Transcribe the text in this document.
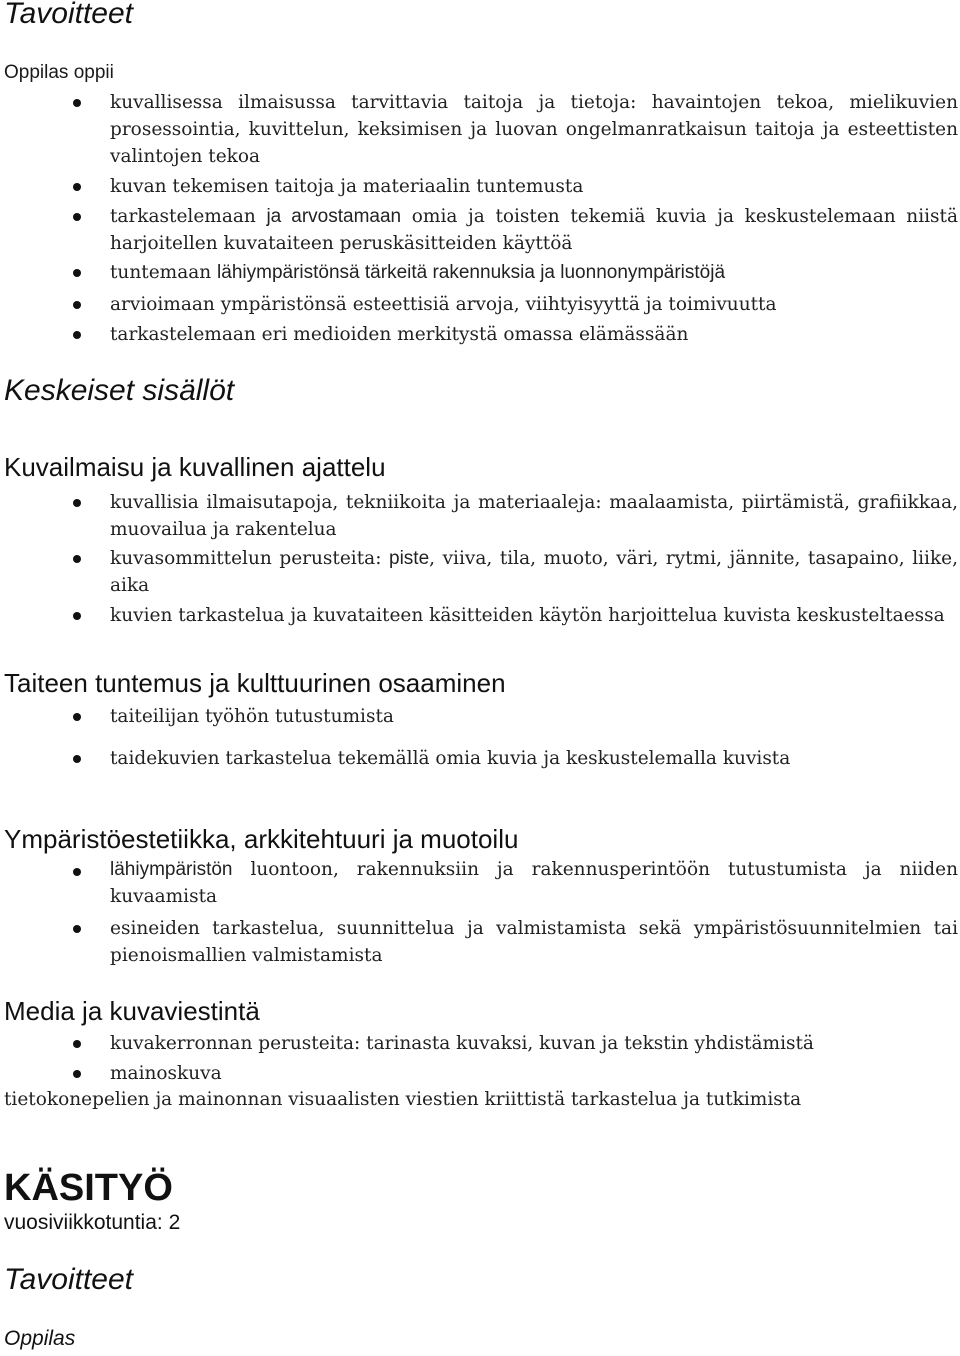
Tavoitteet
Oppilas oppii
kuvallisessa ilmaisussa tarvittavia taitoja ja tietoja: havaintojen tekoa, mielikuvien prosessointia, kuvittelun, keksimisen ja luovan ongelmanratkaisun taitoja ja esteettisten valintojen tekoa
kuvan tekemisen taitoja ja materiaalin tuntemusta
tarkastelemaan ja arvostamaan omia ja toisten tekemiä kuvia ja keskustelemaan niistä harjoitellen kuvataiteen peruskäsitteiden käyttöä
tuntemaan lähiympäristönsä tärkeitä rakennuksia ja luonnonympäristöjä
arvioimaan ympäristönsä esteettisiä arvoja, viihtyisyyttä ja toimivuutta
tarkastelemaan eri medioiden merkitystä omassa elämässään
Keskeiset sisällöt
Kuvailmaisu ja kuvallinen ajattelu
kuvallisia ilmaisutapoja, tekniikoita ja materiaaleja: maalaamista, piirtämistä, grafiikkaa, muovailua ja rakentelua
kuvasommittelun perusteita: piste, viiva, tila, muoto, väri, rytmi, jännite, tasapaino, liike, aika
kuvien tarkastelua ja kuvataiteen käsitteiden käytön harjoittelua kuvista keskusteltaessa
Taiteen tuntemus ja kulttuurinen osaaminen
taiteilijan työhön tutustumista
taidekuvien tarkastelua tekemällä omia kuvia ja keskustelemalla kuvista
Ympäristöestetiikka, arkkitehtuuri ja muotoilu
lähiympäristön luontoon, rakennuksiin ja rakennusperintöön tutustumista ja niiden kuvaamista
esineiden tarkastelua, suunnittelua ja valmistamista sekä ympäristösuunnitelmien tai pienoismallien valmistamista
Media ja kuvaviestintä
kuvakerronnan perusteita: tarinasta kuvaksi, kuvan ja tekstin yhdistämistä
mainoskuva
tietokonepelien ja mainonnan visuaalisten viestien kriittistä tarkastelua ja tutkimista
KÄSITYÖ
vuosiviikkotuntia: 2
Tavoitteet
Oppilas
